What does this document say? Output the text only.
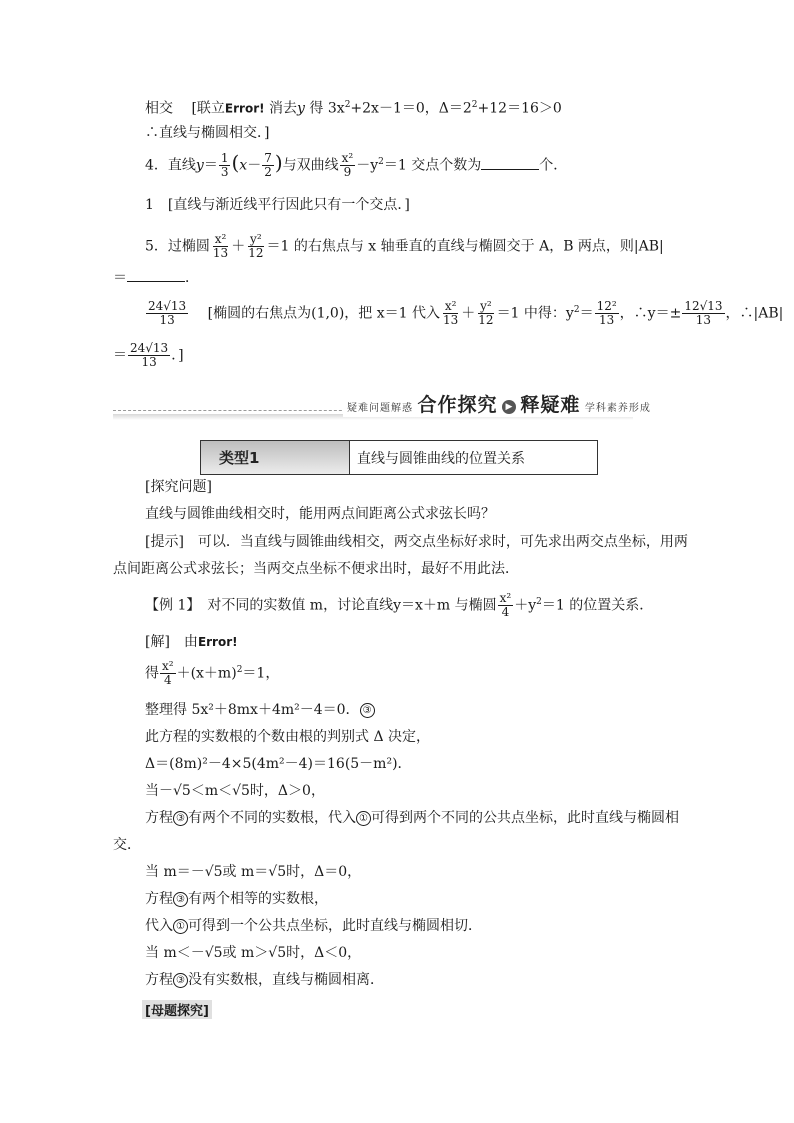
相交　 [联立Error! 消去y 得 $3x^2+2x-1=0$，$\Delta=2^2+12=16>0$
∴直线与椭圆相交．]
4．直线$y= \frac{1}{3} (x- \frac{7}{2}$ )与双曲线 $\frac{\text{x²}}{9} -y^2=1$ 交点个数为	个．
1　[直线与渐近线平行因此只有一个交点．]
5．过椭圆 $\frac{\text{x²}}{13} + \frac{\text{y²}}{12} =1$ 的右焦点与 x 轴垂直的直线与椭圆交于 A，B 两点，则|AB|
＝	．
$\frac{24√13}{13}$
　 [椭圆的右焦点为(1,0)，把 x＝1 代入 $\frac{\text{x²}}{13} + \frac{\text{y²}}{12} =1$ 中得：$y^2= \frac{\text{12²}}{13}$ ，∴y＝± $\frac{12√13}{13}$ ，∴|AB|
＝ $\frac{24√13}{13}$ ．]
疑难问题解惑 合作探究 ▶ 释疑难 学科素养形成
类型1	直线与圆锥曲线的位置关系
[探究问题]
直线与圆锥曲线相交时，能用两点间距离公式求弦长吗？
[提示]　可以．当直线与圆锥曲线相交，两交点坐标好求时，可先求出两交点坐标，用两
点间距离公式求弦长；当两交点坐标不便求出时，最好不用此法．
【例 1】　对不同的实数值 m，讨论直线y＝x＋m 与椭圆 $\frac{\text{x²}}{4} +y^2=1$ 的位置关系．
[解]　由Error!
得 $\frac{\text{x²}}{4} +(x+m)^2=1$，
整理得 5x²＋8mx＋4m²－4＝0． ③
此方程的实数根的个数由根的判别式 Δ 决定，
Δ＝(8m)²－4×5(4m²－4)＝16(5－m²)．
当－√5＜m＜√5时，Δ＞0，
方程 ③ 有两个不同的实数根，代入 ① 可得到两个不同的公共点坐标，此时直线与椭圆相
交．
当 m＝－√5或 m＝√5时，Δ＝0，
方程 ③ 有两个相等的实数根，
代入 ① 可得到一个公共点坐标，此时直线与椭圆相切．
当 m＜－√5或 m＞√5时，Δ＜0，
方程 ③ 没有实数根，直线与椭圆相离．
[母题探究]
